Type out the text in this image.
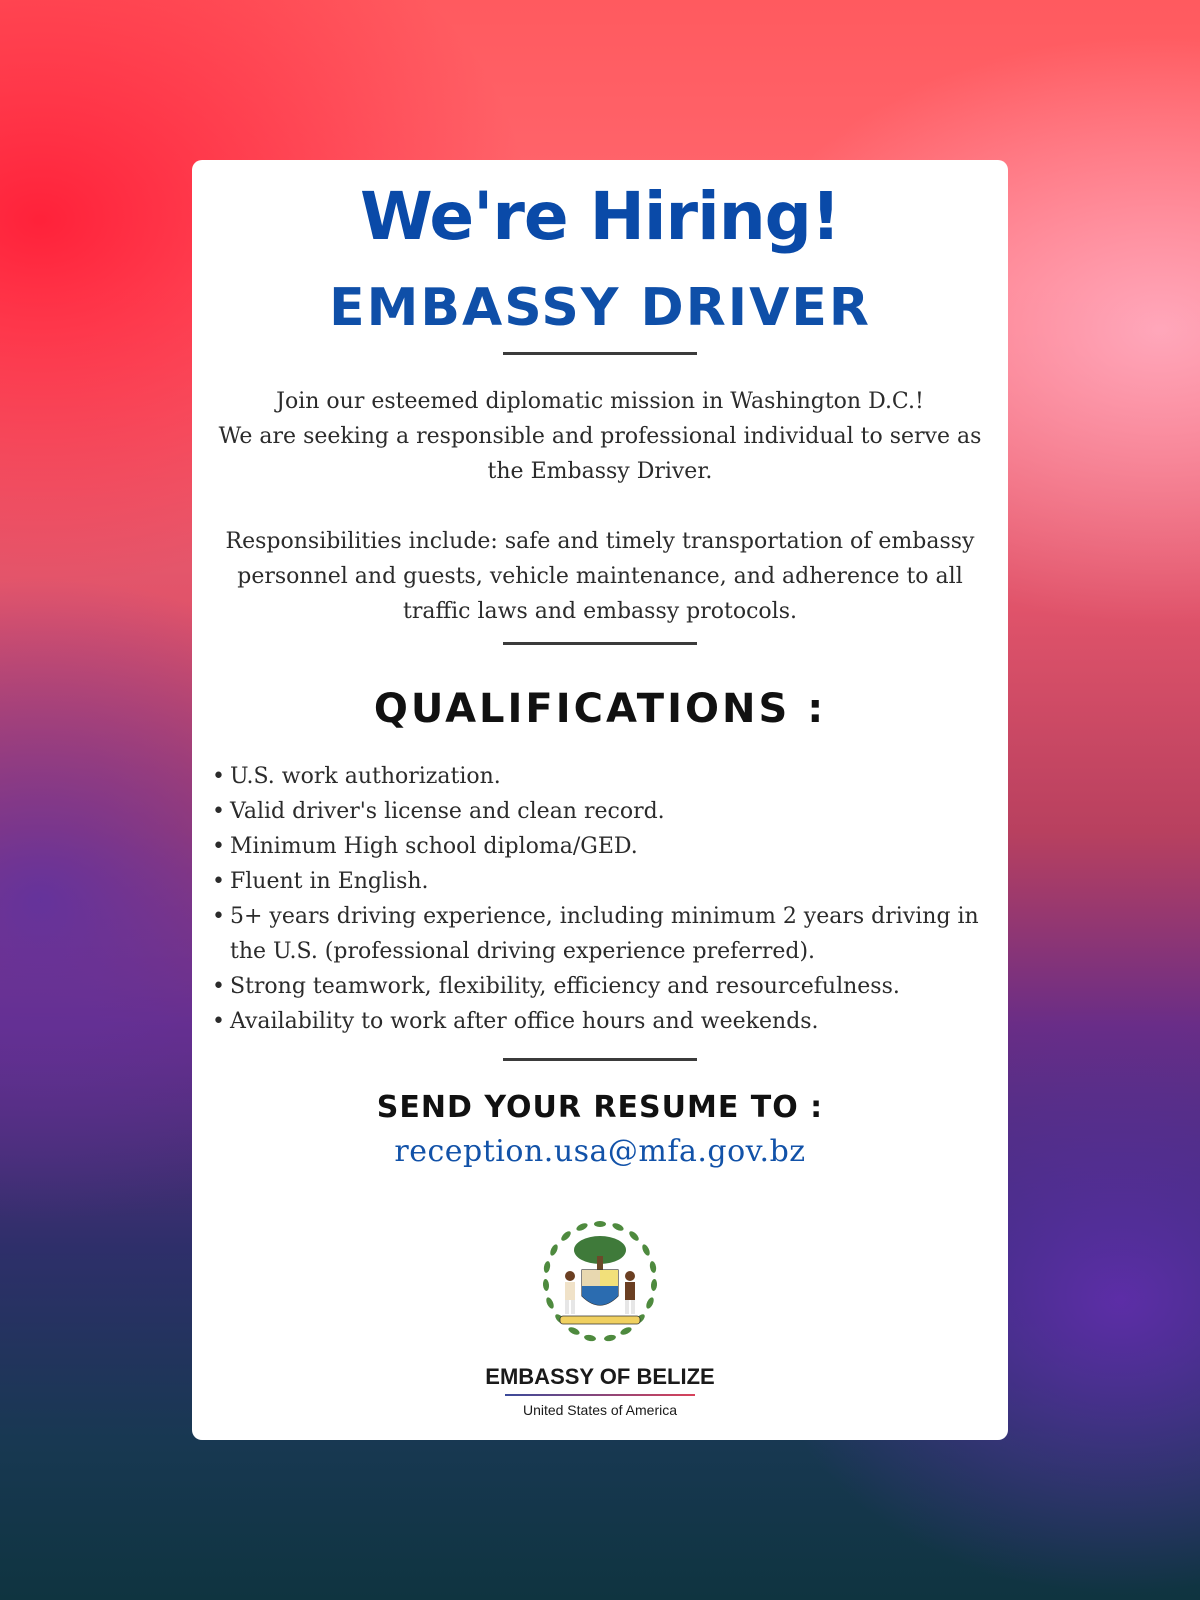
We're Hiring!
EMBASSY DRIVER

Join our esteemed diplomatic mission in Washington D.C.!

We are seeking a responsible and professional individual to serve as the Embassy Driver.

Responsibilities include: safe and timely transportation of embassy personnel and guests, vehicle maintenance, and adherence to all traffic laws and embassy protocols.

QUALIFICATIONS :
• U.S. work authorization.
• Valid driver's license and clean record.
• Minimum High school diploma/GED.
• Fluent in English.
• 5+ years driving experience, including minimum 2 years driving in the U.S. (professional driving experience preferred).
• Strong teamwork, flexibility, efficiency and resourcefulness.
• Availability to work after office hours and weekends.
SEND YOUR RESUME TO :
reception.usa@mfa.gov.bz
EMBASSY OF BELIZE

United States of America
